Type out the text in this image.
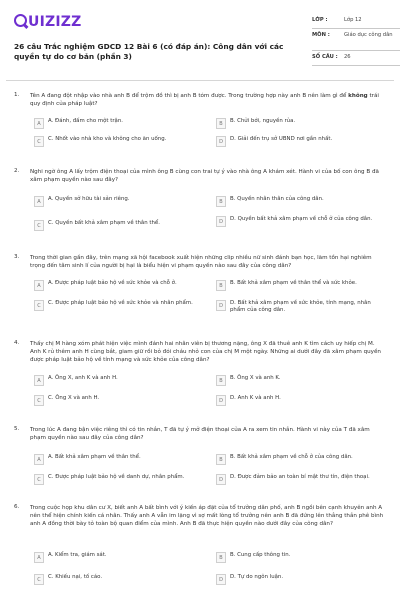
UIZIZZ
26 câu Trắc nghiệm GDCD 12 Bài 6 (có đáp án): Công dân với các quyền tự do cơ bản (phần 3)
LỚP :	Lớp 12
MÔN :	Giáo dục công dân
SỐ CÂU : 26
1. Tên A đang đột nhập vào nhà anh B để trộm đồ thì bị anh B tóm được. Trong trường hợp này anh B nên làm gì để không trái quy định của pháp luật?
A	A. Đánh, đấm cho một trận.	B	B. Chửi bới, nguyền rủa.
C	C. Nhốt vào nhà kho và không cho ăn uống.	D	D. Giải đến trụ sở UBND nơi gần nhất.
2. Nghi ngờ ông A lấy trộm điện thoại của mình ông B cùng con trai tự ý vào nhà ông A khám xét. Hành vi của bố con ông B đã xâm phạm quyền nào sau đây?
A	A. Quyền sở hữu tài sản riêng.	B	B. Quyền nhân thân của công dân.
C	C. Quyền bất khả xâm phạm về thân thể.	D	D. Quyền bất khả xâm phạm về chỗ ở của công dân.
3. Trong thời gian gần đây, trên mạng xã hội facebook xuất hiện những clip nhiều nữ sinh đánh bạn học, lăm tồn hại nghiêm trọng đến tâm sinh lí của người bị hại là biểu hiện vi phạm quyền nào sau đây của công dân?
A	A. Được pháp luật bảo hộ về sức khỏe và chỗ ở.	B	B. Bất khả xâm phạm về thân thể và sức khỏe.
C	C. Được pháp luật bảo hộ về sức khỏe và nhân phẩm.	D	D. Bất khả xâm phạm về sức khỏe, tính mạng, nhân phẩm của công dân.
4. Thấy chị M hàng xóm phát hiện việc mình đánh hai nhân viên bị thương nặng, ông X đã thuê anh K tìm cách uy hiếp chị M. Anh K rủ thêm anh H cùng bắt, giam giữ rồi bỏ đói cháu nhỏ con của chị M một ngày. Những ai dưới đây đã xâm phạm quyền được pháp luật bảo hộ về tính mạng và sức khỏe của công dân?
A	A. Ông X, anh K và anh H.	B	B. Ông X và anh K.
C	C. Ông X và anh H.	D	D. Anh K và anh H.
5. Trong lúc A đang bận việc riêng thì có tin nhắn, T đã tự ý mở điện thoại của A ra xem tin nhắn. Hành vi này của T đã xâm phạm quyền nào sau đây của công dân?
A	A. Bất khả xâm phạm về thân thể.	B	B. Bất khả xâm phạm về chỗ ở của công dân.
C	C. Được pháp luật bảo hộ về danh dự, nhân phẩm.	D	D. Được đảm bảo an toàn bí mật thư tín, điện thoại.
6. Trong cuộc họp khu dân cư X, biết anh A bất bình với ý kiến áp đặt của tổ trưởng dân phố, anh B ngồi bên cạnh khuyên anh A nên thể hiện chính kiến cá nhân. Thấy anh A vẫn im lặng vì sợ mất lòng tổ trưởng nên anh B đã đứng lên thẳng thắn phê bình anh A đồng thời bày tỏ toàn bộ quan điểm của mình. Anh B đã thực hiện quyền nào dưới đây của công dân?
A	A. Kiểm tra, giám sát.	B	B. Cung cấp thông tin.
C	C. Khiếu nại, tố cáo.	D	D. Tự do ngôn luận.
